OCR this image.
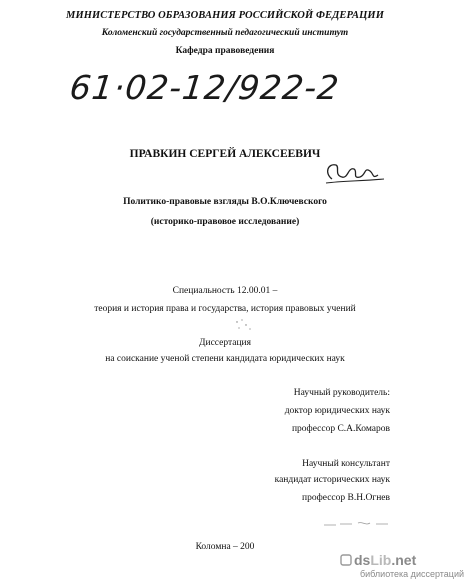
МИНИСТЕРСТВО ОБРАЗОВАНИЯ РОССИЙСКОЙ ФЕДЕРАЦИИ
Коломенский государственный педагогический институт
Кафедра правоведения
61·02-12/922-2
ПРАВКИН СЕРГЕЙ АЛЕКСЕЕВИЧ
Политико-правовые взгляды В.О.Ключевского
(историко-правовое исследование)
Специальность 12.00.01 –
теория и история права и государства, история правовых учений
Диссертация
на соискание ученой степени кандидата юридических наук
Научный руководитель:
доктор юридических наук
профессор С.А.Комаров
Научный консультант
кандидат исторических наук
профессор В.Н.Огнев
Коломна – 200
ds Lib .net
библиотека диссертаций
